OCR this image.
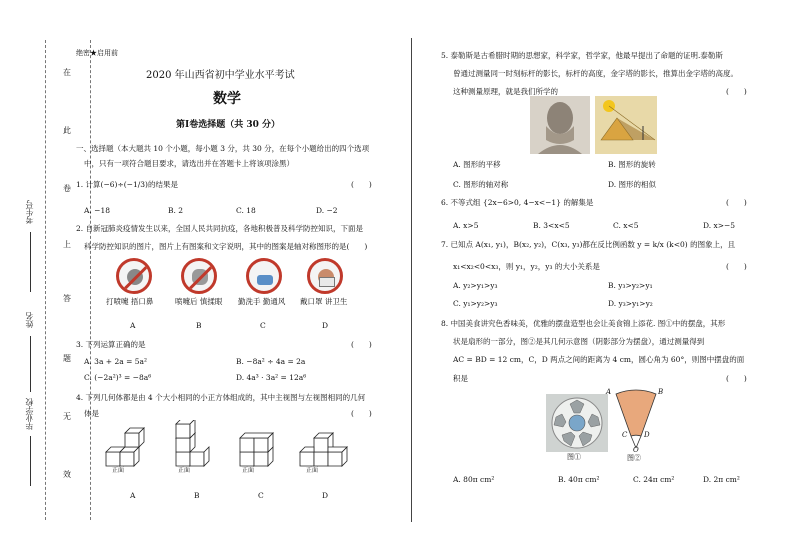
在
此
卷
上
答
题
无
效
考生号
姓名
毕业学校
绝密★启用前
2020 年山西省初中学业水平考试
数学
第Ⅰ卷选择题（共 30 分）
一、选择题（本大题共 10 个小题，每小题 3 分，共 30 分，在每个小题给出的四个选项
中，只有一项符合题目要求，请选出并在答题卡上将该项涂黑）
1. 计算(−6)÷(−1/3)的结果是	(　　)
A. −18	B. 2	C. 18	D. −2
2. 自新冠肺炎疫情发生以来，全国人民共同抗疫，各地积极普及科学防控知识，下面是
科学防控知识的图片，图片上有图案和文字说明，其中的图案是轴对称图形的是(　　)
打喷嚏 捂口鼻	喷嚏后 慎揉眼 勤洗手 勤通风 戴口罩 讲卫生
A	B	C	D
3. 下列运算正确的是	(　　)
A. 3a + 2a = 5a²	B. −8a² ÷ 4a = 2a
C. (−2a²)³ = −8a⁶	D. 4a³ · 3a² = 12a⁶
4. 下列几何体都是由 4 个大小相同的小正方体组成的，其中主视图与左视图相同的几何
体是	(　　)
正面	正面	正面	正面
A	B	C	D
5. 泰勒斯是古希腊时期的思想家，科学家，哲学家，他最早提出了命题的证明.泰勒斯
曾通过测量同一时刻标杆的影长，标杆的高度，金字塔的影长，推算出金字塔的高度。
这种测量原理，就是我们所学的	(　　)
A. 图形的平移	B. 图形的旋转
C. 图形的轴对称	D. 图形的相似
6. 不等式组 {2x−6>0, 4−x<−1} 的解集是	(　　)
A. x>5	B. 3<x<5	C. x<5	D. x>−5
7. 已知点 A(x₁, y₁)，B(x₂, y₂)，C(x₃, y₃)都在反比例函数 y = k/x (k<0) 的图象上，且
x₁<x₂<0<x₃，则 y₁，y₂，y₃ 的大小关系是	(　　)
A. y₂>y₁>y₃	B. y₃>y₂>y₁
C. y₁>y₂>y₃	D. y₃>y₁>y₂
8. 中国美食讲究色香味美，优雅的摆盘造型也会让美食锦上添花. 图①中的摆盘，其形
状是扇形的一部分，图②是其几何示意图（阴影部分为摆盘），通过测量得到
AC = BD = 12 cm，C，D 两点之间的距离为 4 cm，圆心角为 60°，则图中摆盘的面
积是	(　　)
图①
A	B
C D
O
图②
A. 80π cm²	B. 40π cm²	C. 24π cm²	D. 2π cm²
